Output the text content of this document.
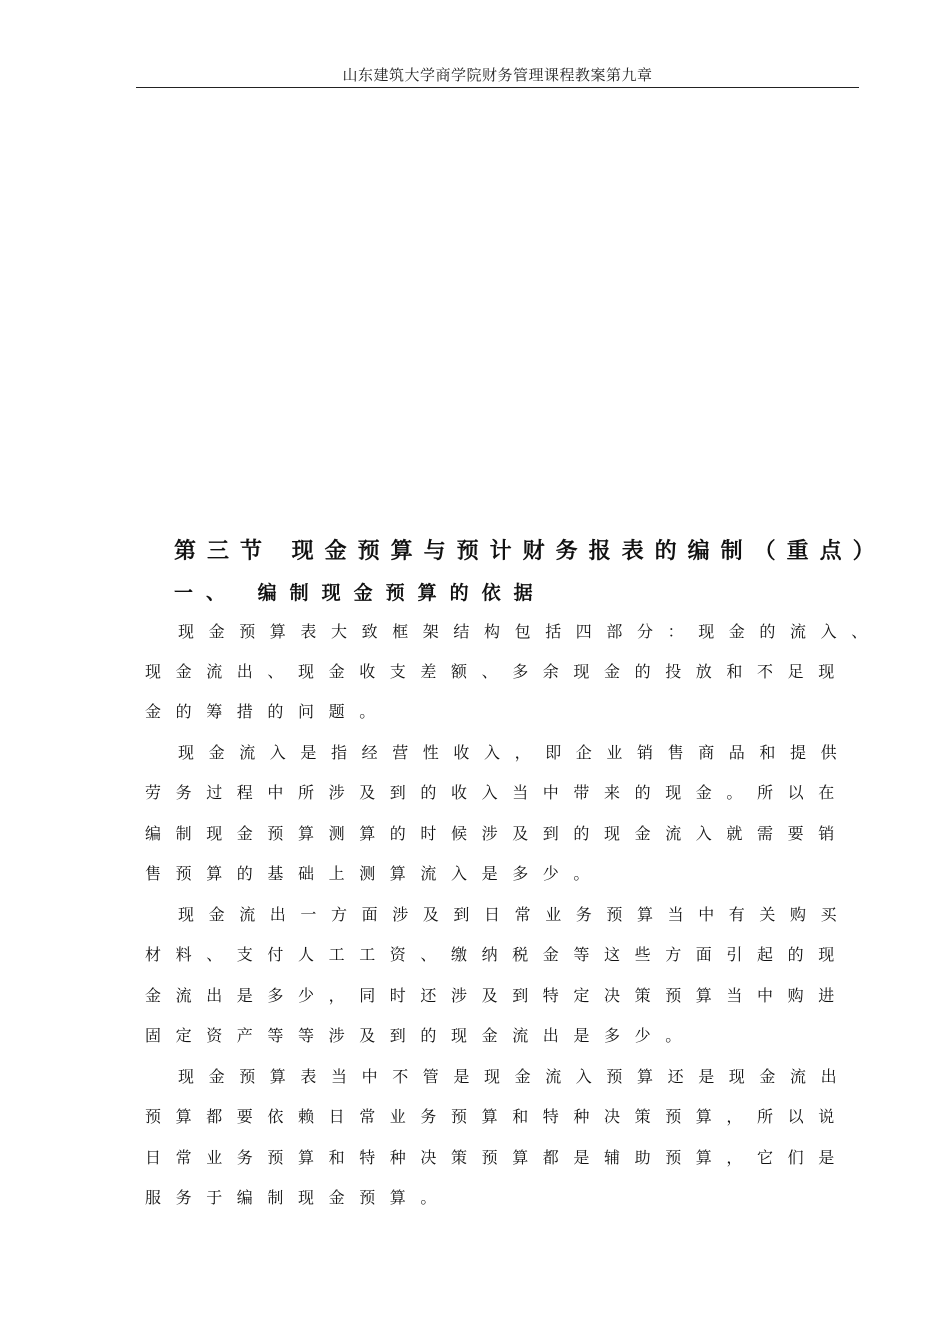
山东建筑大学商学院财务管理课程教案第九章
第三节 现金预算与预计财务报表的编制（重点）
一、 编制现金预算的依据
现金预算表大致框架结构包括四部分：现金的流入、
现金流出、现金收支差额、多余现金的投放和不足现
金的筹措的问题。
现金流入是指经营性收入，即企业销售商品和提供
劳务过程中所涉及到的收入当中带来的现金。所以在
编制现金预算测算的时候涉及到的现金流入就需要销
售预算的基础上测算流入是多少。
现金流出一方面涉及到日常业务预算当中有关购买
材料、支付人工工资、缴纳税金等这些方面引起的现
金流出是多少，同时还涉及到特定决策预算当中购进
固定资产等等涉及到的现金流出是多少。
现金预算表当中不管是现金流入预算还是现金流出
预算都要依赖日常业务预算和特种决策预算，所以说
日常业务预算和特种决策预算都是辅助预算，它们是
服务于编制现金预算。
